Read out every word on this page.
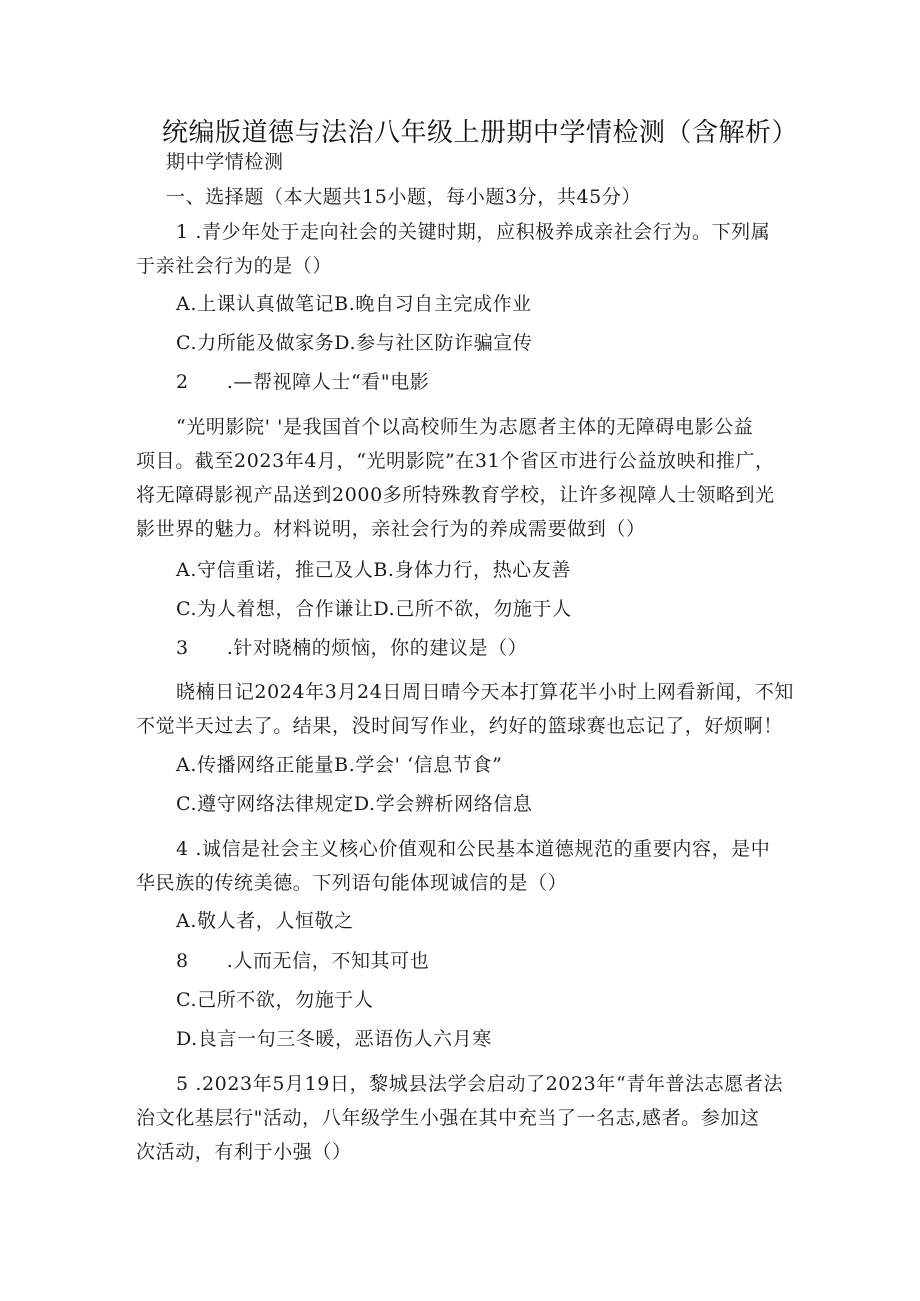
统编版道德与法治八年级上册期中学情检测（含解析）
期中学情检测
一、选择题（本大题共15小题，每小题3分，共45分）
1 .青少年处于走向社会的关键时期，应积极养成亲社会行为。下列属
于亲社会行为的是（）
A.上课认真做笔记B.晚自习自主完成作业
C.力所能及做家务D.参与社区防诈骗宣传
2 .—帮视障人士“看"电影
“光明影院' '是我国首个以高校师生为志愿者主体的无障碍电影公益
项目。截至2023年4月，“光明影院”在31个省区市进行公益放映和推广，
将无障碍影视产品送到2000多所特殊教育学校，让许多视障人士领略到光
影世界的魅力。材料说明，亲社会行为的养成需要做到（）
A.守信重诺，推己及人B.身体力行，热心友善
C.为人着想，合作谦让D.己所不欲，勿施于人
3 .针对晓楠的烦恼，你的建议是（）
晓楠日记2024年3月24日周日晴今天本打算花半小时上网看新闻，不知
不觉半天过去了。结果，没时间写作业，约好的篮球赛也忘记了，好烦啊！
A.传播网络正能量B.学会' ‘信息节食”
C.遵守网络法律规定D.学会辨析网络信息
4 .诚信是社会主义核心价值观和公民基本道德规范的重要内容，是中
华民族的传统美德。下列语句能体现诚信的是（）
A.敬人者，人恒敬之
8 .人而无信，不知其可也
C.己所不欲，勿施于人
D.良言一句三冬暖，恶语伤人六月寒
5 .2023年5月19日，黎城县法学会启动了2023年“青年普法志愿者法
治文化基层行"活动，八年级学生小强在其中充当了一名志,感者。参加这
次活动，有利于小强（）
